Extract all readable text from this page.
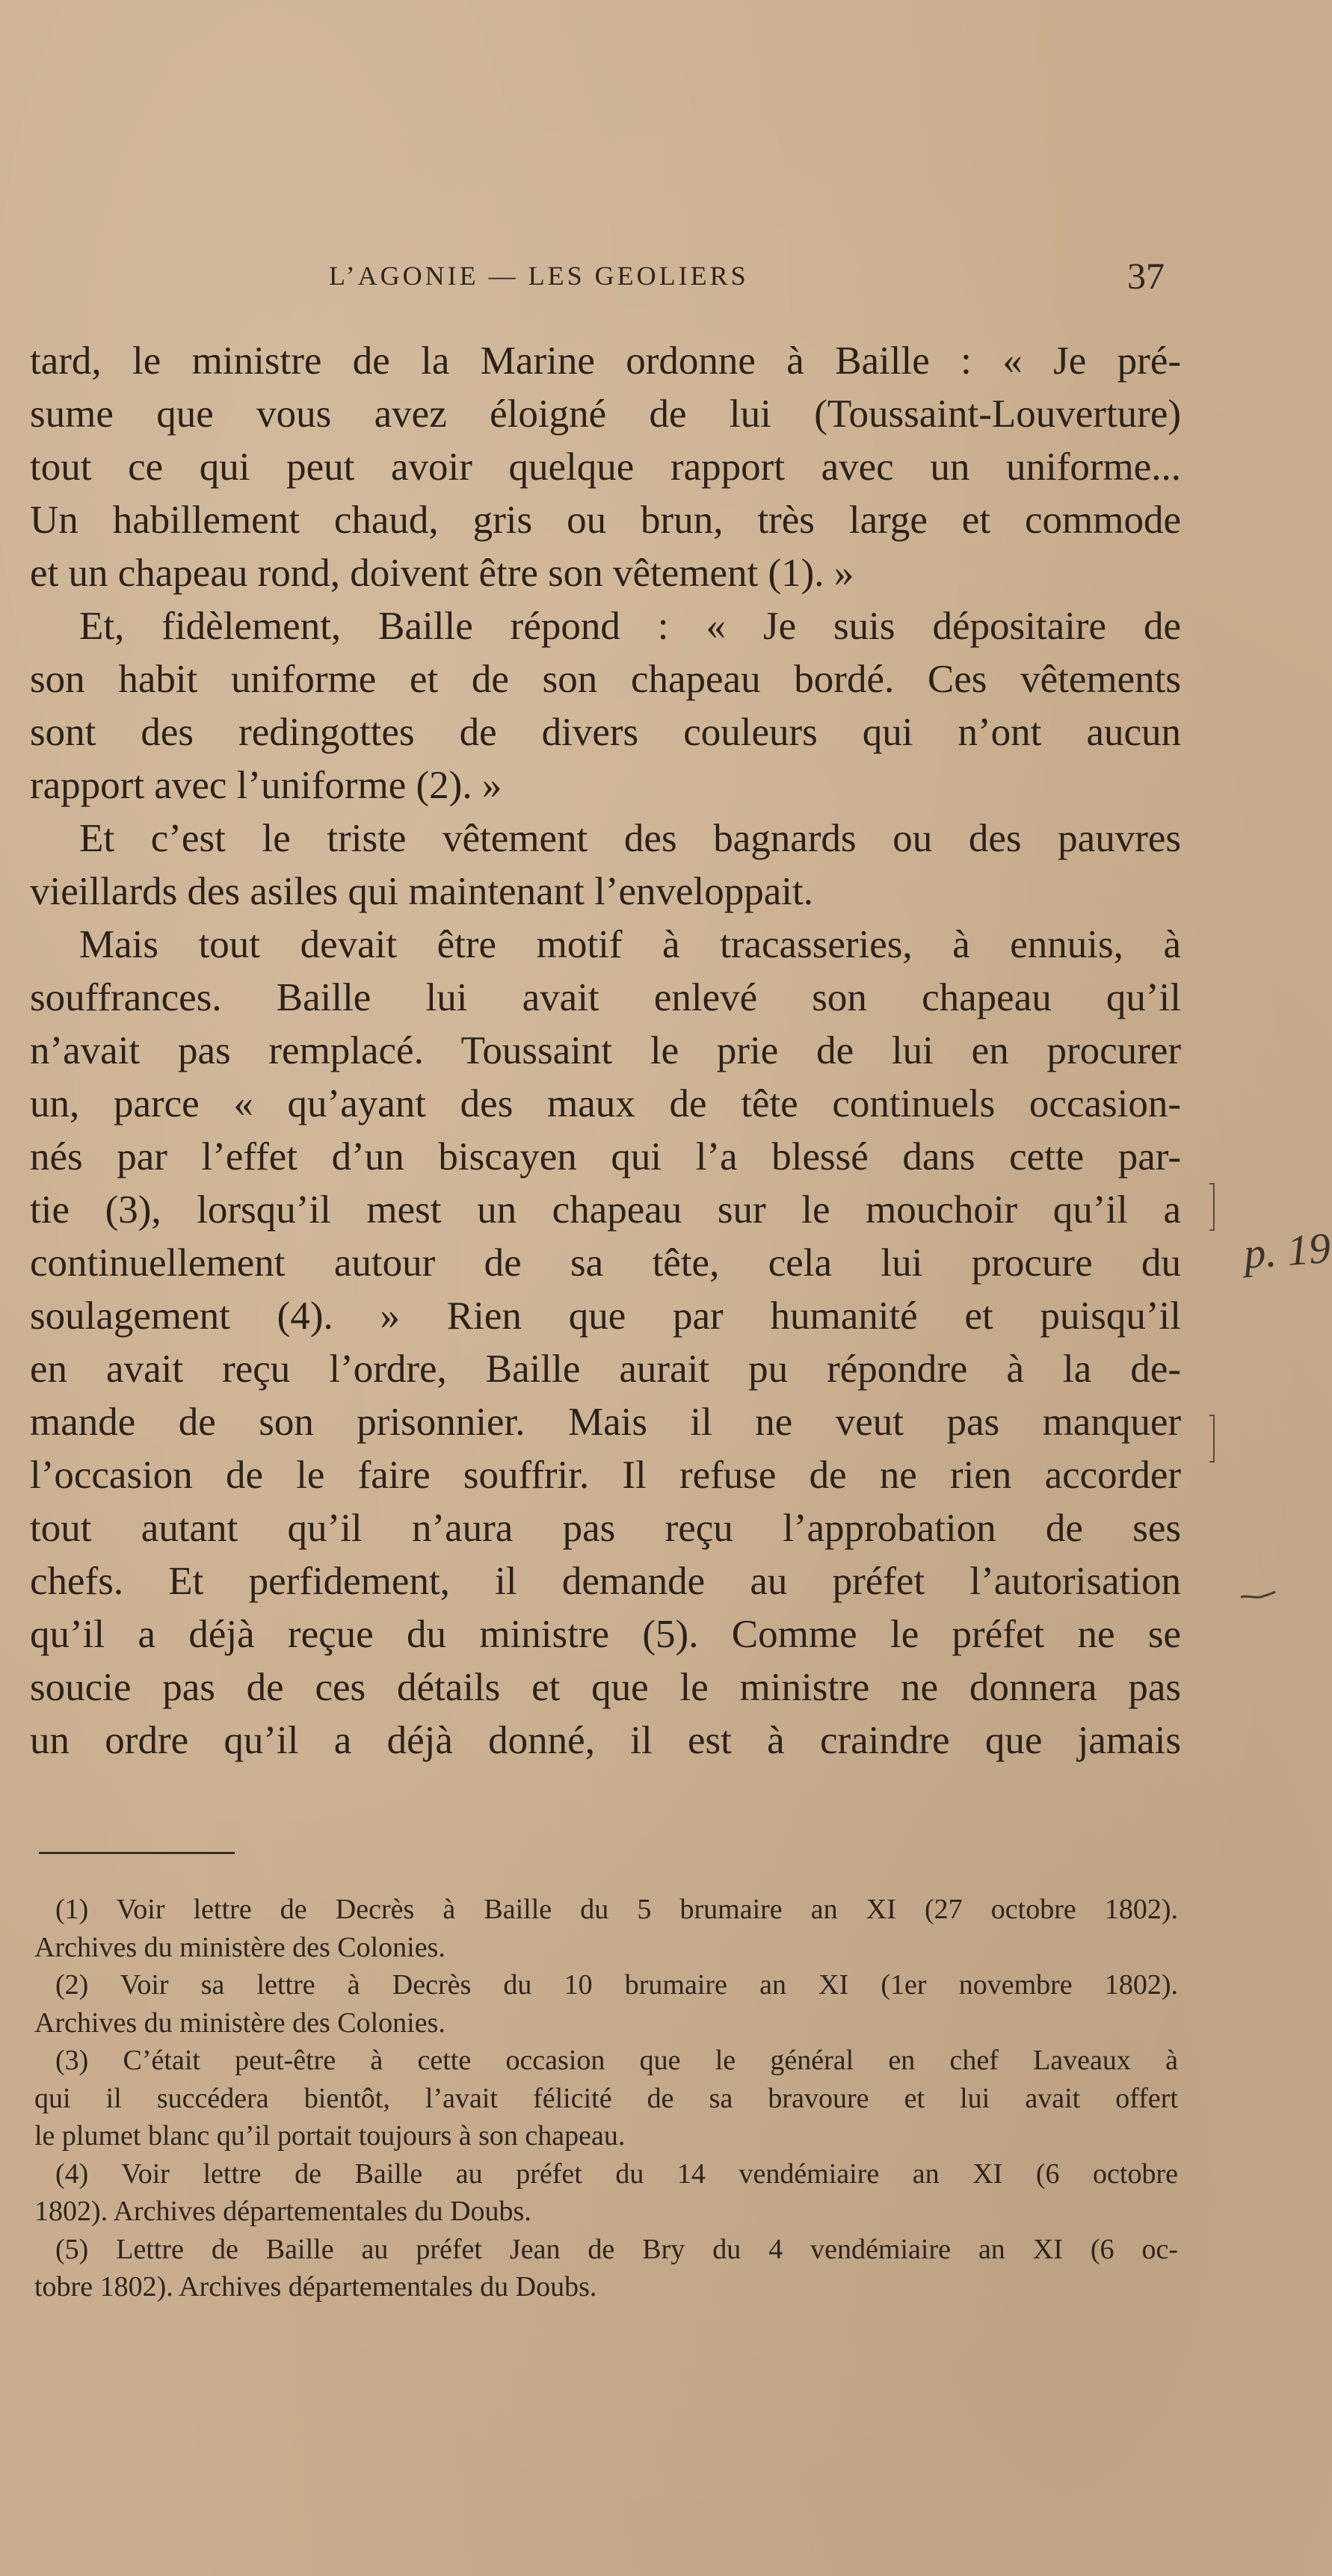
L’AGONIE — LES GEOLIERS	37
tard, le ministre de la Marine ordonne à Baille : « Je pré-
sume que vous avez éloigné de lui (Toussaint-Louverture)
tout ce qui peut avoir quelque rapport avec un uniforme...
Un habillement chaud, gris ou brun, très large et commode
et un chapeau rond, doivent être son vêtement (1). »
Et, fidèlement, Baille répond : « Je suis dépositaire de
son habit uniforme et de son chapeau bordé. Ces vêtements
sont des redingottes de divers couleurs qui n’ont aucun
rapport avec l’uniforme (2). »
Et c’est le triste vêtement des bagnards ou des pauvres
vieillards des asiles qui maintenant l’enveloppait.
Mais tout devait être motif à tracasseries, à ennuis, à
souffrances. Baille lui avait enlevé son chapeau qu’il
n’avait pas remplacé. Toussaint le prie de lui en procurer
un, parce « qu’ayant des maux de tête continuels occasion-
nés par l’effet d’un biscayen qui l’a blessé dans cette par-
tie (3), lorsqu’il mest un chapeau sur le mouchoir qu’il a
continuellement autour de sa tête, cela lui procure du
soulagement (4). » Rien que par humanité et puisqu’il
en avait reçu l’ordre, Baille aurait pu répondre à la de-
mande de son prisonnier. Mais il ne veut pas manquer
l’occasion de le faire souffrir. Il refuse de ne rien accorder
tout autant qu’il n’aura pas reçu l’approbation de ses
chefs. Et perfidement, il demande au préfet l’autorisation
qu’il a déjà reçue du ministre (5). Comme le préfet ne se
soucie pas de ces détails et que le ministre ne donnera pas
un ordre qu’il a déjà donné, il est à craindre que jamais
(1) Voir lettre de Decrès à Baille du 5 brumaire an XI (27 octobre 1802).
Archives du ministère des Colonies.
(2) Voir sa lettre à Decrès du 10 brumaire an XI (1er novembre 1802).
Archives du ministère des Colonies.
(3) C’était peut-être à cette occasion que le général en chef Laveaux à
qui il succédera bientôt, l’avait félicité de sa bravoure et lui avait offert
le plumet blanc qu’il portait toujours à son chapeau.
(4) Voir lettre de Baille au préfet du 14 vendémiaire an XI (6 octobre
1802). Archives départementales du Doubs.
(5) Lettre de Baille au préfet Jean de Bry du 4 vendémiaire an XI (6 oc-
tobre 1802). Archives départementales du Doubs.
p. 19
